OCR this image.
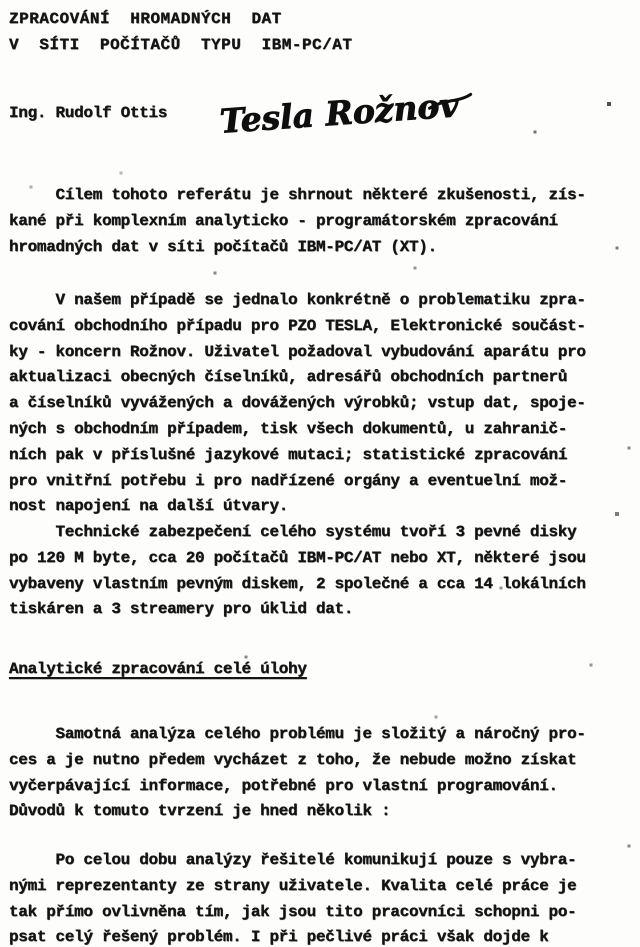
ZPRACOVÁNÍ  HROMADNÝCH  DAT
V  SÍTI  POČÍTAČŮ  TYPU  IBM-PC/AT
Ing. Rudolf Ottis Tesla Rožnov
Cílem tohoto referátu je shrnout některé zkušenosti, zís-
kané při komplexním analyticko - programátorském zpracování
hromadných dat v síti počítačů IBM-PC/AT (XT).
V našem případě se jednalo konkrétně o problematiku zpra-
cování obchodního případu pro PZO TESLA, Elektronické součást-
ky - koncern Rožnov. Uživatel požadoval vybudování aparátu pro
aktualizaci obecných číselníků, adresářů obchodních partnerů
a číselníků vyvážených a dovážených výrobků; vstup dat, spoje-
ných s obchodním případem, tisk všech dokumentů, u zahranič-
ních pak v příslušné jazykové mutaci; statistické zpracování
pro vnitřní potřebu i pro nadřízené orgány a eventuelní mož-
nost napojení na další útvary.
Technické zabezpečení celého systému tvoří 3 pevné disky
po 120 M byte, cca 20 počítačů IBM-PC/AT nebo XT, některé jsou
vybaveny vlastním pevným diskem, 2 společné a cca 14 lokálních
tiskáren a 3 streamery pro úklid dat.
Analytické zpracování celé úlohy
Samotná analýza celého problému je složitý a náročný pro-
ces a je nutno předem vycházet z toho, že nebude možno získat
vyčerpávající informace, potřebné pro vlastní programování.
Důvodů k tomuto tvrzení je hned několik :
Po celou dobu analýzy řešitelé komunikují pouze s vybra-
nými reprezentanty ze strany uživatele. Kvalita celé práce je
tak přímo ovlivněna tím, jak jsou tito pracovníci schopni po-
psat celý řešený problém. I při pečlivé práci však dojde k
